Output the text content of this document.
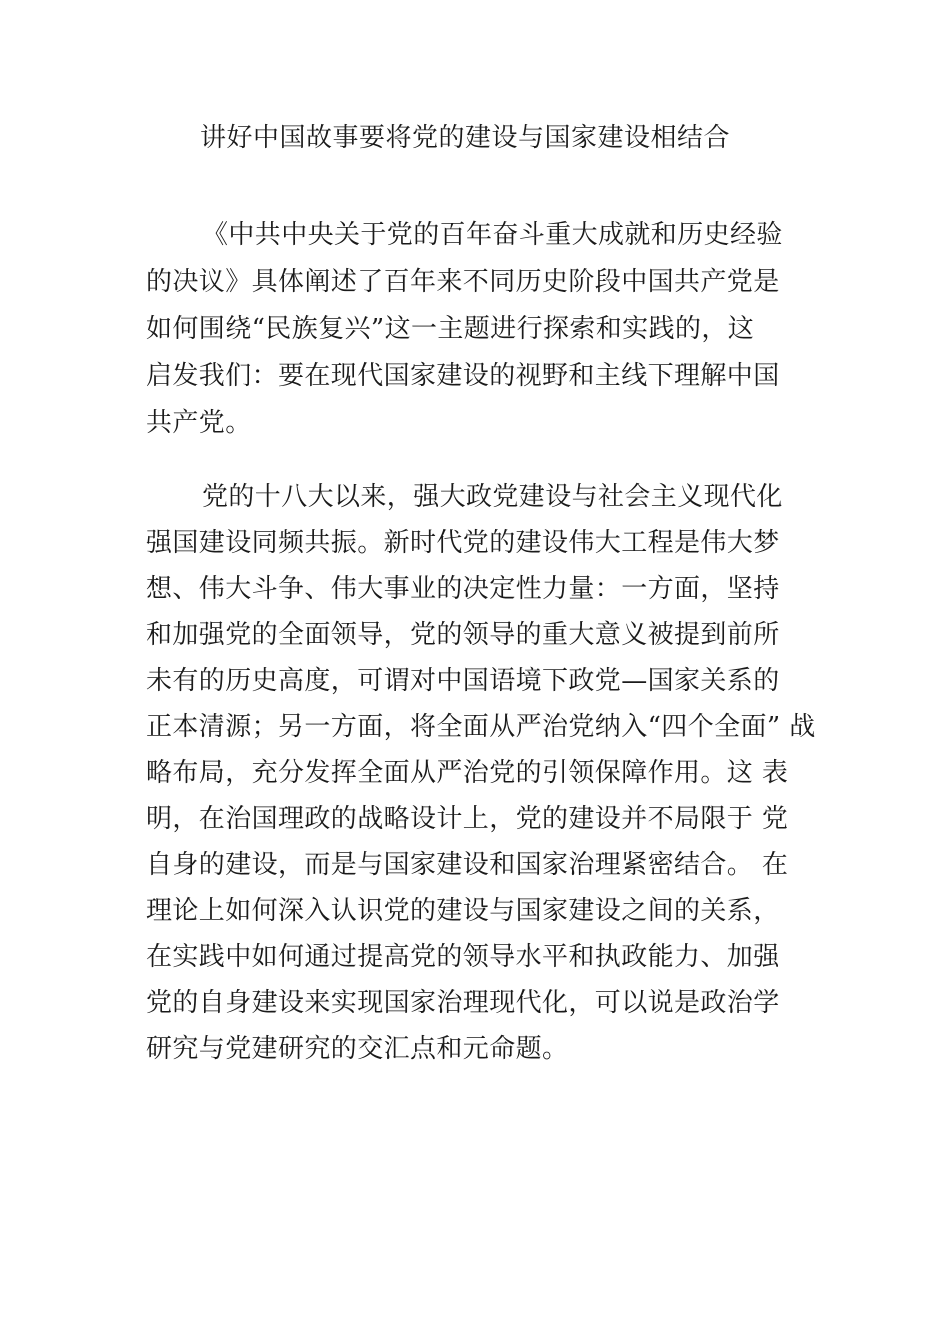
讲好中国故事要将党的建设与国家建设相结合
《中共中央关于党的百年奋斗重大成就和历史经验
的决议》具体阐述了百年来不同历史阶段中国共产党是
如何围绕“民族复兴”这一主题进行探索和实践的，这
启发我们：要在现代国家建设的视野和主线下理解中国
共产党。
党的十八大以来，强大政党建设与社会主义现代化
强国建设同频共振。新时代党的建设伟大工程是伟大梦
想、伟大斗争、伟大事业的决定性力量：一方面，坚持
和加强党的全面领导，党的领导的重大意义被提到前所
未有的历史高度，可谓对中国语境下政党—国家关系的
正本清源；另一方面，将全面从严治党纳入“四个全面” 战
略布局，充分发挥全面从严治党的引领保障作用。这 表
明，在治国理政的战略设计上，党的建设并不局限于 党
自身的建设，而是与国家建设和国家治理紧密结合。 在
理论上如何深入认识党的建设与国家建设之间的关系，
在实践中如何通过提高党的领导水平和执政能力、加强
党的自身建设来实现国家治理现代化，可以说是政治学
研究与党建研究的交汇点和元命题。
